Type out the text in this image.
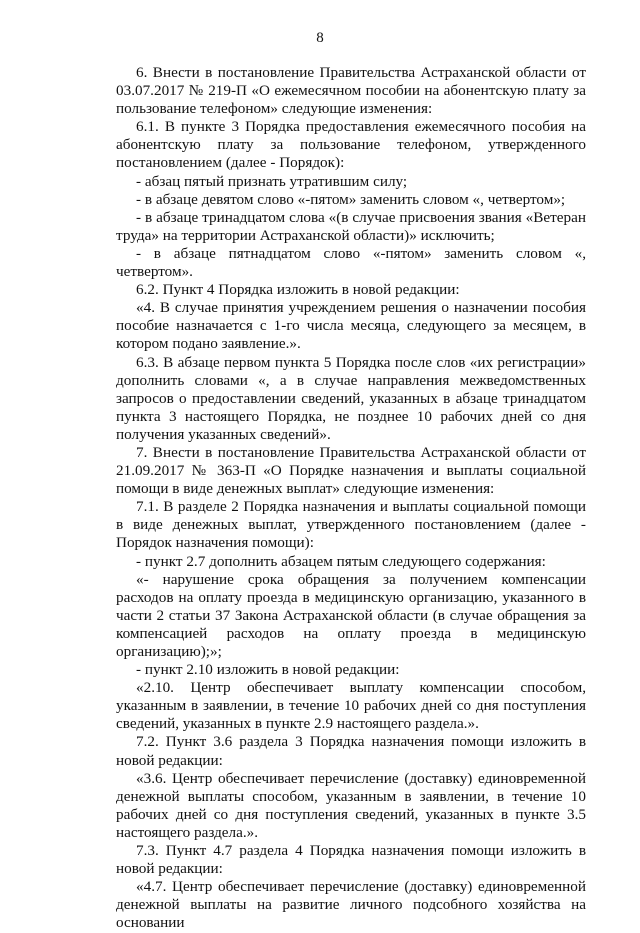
8

6. Внести в постановление Правительства Астраханской области от 03.07.2017 № 219-П «О ежемесячном пособии на абонентскую плату за пользование телефоном» следующие изменения:

6.1. В пункте 3 Порядка предоставления ежемесячного пособия на абонентскую плату за пользование телефоном, утвержденного постановлением (далее - Порядок):

- абзац пятый признать утратившим силу;

- в абзаце девятом слово «-пятом» заменить словом «, четвертом»;

- в абзаце тринадцатом слова «(в случае присвоения звания «Ветеран труда» на территории Астраханской области)» исключить;

- в абзаце пятнадцатом слово «-пятом» заменить словом «, четвертом».

6.2. Пункт 4 Порядка изложить в новой редакции:

«4. В случае принятия учреждением решения о назначении пособия пособие назначается с 1-го числа месяца, следующего за месяцем, в котором подано заявление.».

6.3. В абзаце первом пункта 5 Порядка после слов «их регистрации» дополнить словами «, а в случае направления межведомственных запросов о предоставлении сведений, указанных в абзаце тринадцатом пункта 3 настоящего Порядка, не позднее 10 рабочих дней со дня получения указанных сведений».

7. Внести в постановление Правительства Астраханской области от 21.09.2017 № 363-П «О Порядке назначения и выплаты социальной помощи в виде денежных выплат» следующие изменения:

7.1. В разделе 2 Порядка назначения и выплаты социальной помощи в виде денежных выплат, утвержденного постановлением (далее - Порядок назначения помощи):

- пункт 2.7 дополнить абзацем пятым следующего содержания:

«- нарушение срока обращения за получением компенсации расходов на оплату проезда в медицинскую организацию, указанного в части 2 статьи 37 Закона Астраханской области (в случае обращения за компенсацией расходов на оплату проезда в медицинскую организацию);»;

- пункт 2.10 изложить в новой редакции:

«2.10. Центр обеспечивает выплату компенсации способом, указанным в заявлении, в течение 10 рабочих дней со дня поступления сведений, указанных в пункте 2.9 настоящего раздела.».

7.2. Пункт 3.6 раздела 3 Порядка назначения помощи изложить в новой редакции:

«3.6. Центр обеспечивает перечисление (доставку) единовременной денежной выплаты способом, указанным в заявлении, в течение 10 рабочих дней со дня поступления сведений, указанных в пункте 3.5 настоящего раздела.».

7.3. Пункт 4.7 раздела 4 Порядка назначения помощи изложить в новой редакции:

«4.7. Центр обеспечивает перечисление (доставку) единовременной денежной выплаты на развитие личного подсобного хозяйства на основании
